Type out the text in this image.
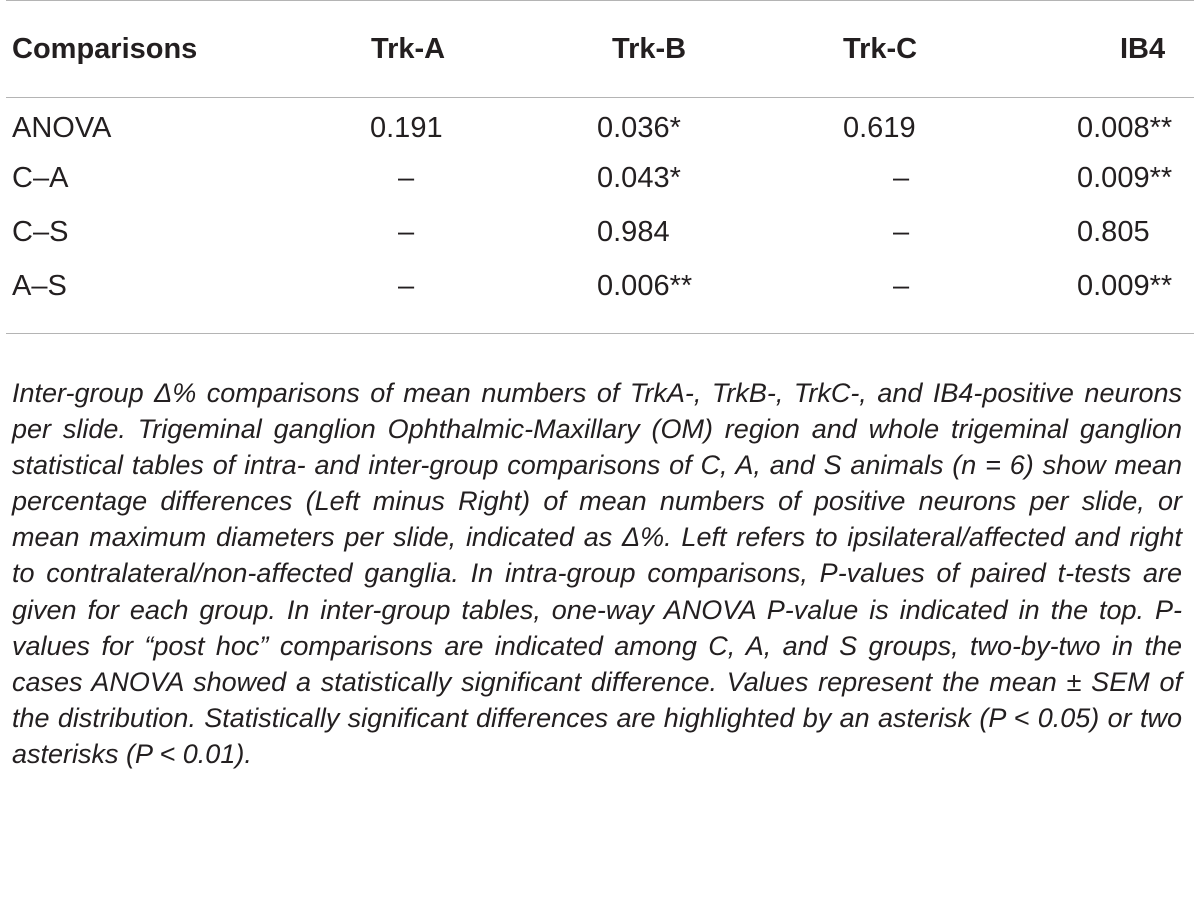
Comparisons	Trk-A	Trk-B	Trk-C	IB4
ANOVA	0.191	0.036*	0.619	0.008**
C–A	–	0.043*	–	0.009**
C–S	–	0.984	–	0.805
A–S	–	0.006**	–	0.009**

Inter-group Δ% comparisons of mean numbers of TrkA-, TrkB-, TrkC-, and IB4-positive neurons per slide. Trigeminal ganglion Ophthalmic-Maxillary (OM) region and whole trigeminal ganglion statistical tables of intra- and inter-group comparisons of C, A, and S animals (n = 6) show mean percentage differences (Left minus Right) of mean numbers of positive neurons per slide, or mean maximum diameters per slide, indicated as Δ%. Left refers to ipsilateral/affected and right to contralateral/non-affected ganglia. In intra-group comparisons, P-values of paired t-tests are given for each group. In inter-group tables, one-way ANOVA P-value is indicated in the top. P-values for “post hoc” comparisons are indicated among C, A, and S groups, two-by-two in the cases ANOVA showed a statistically significant difference. Values represent the mean ± SEM of the distribution. Statistically significant differences are highlighted by an asterisk (P < 0.05) or two asterisks (P < 0.01).
